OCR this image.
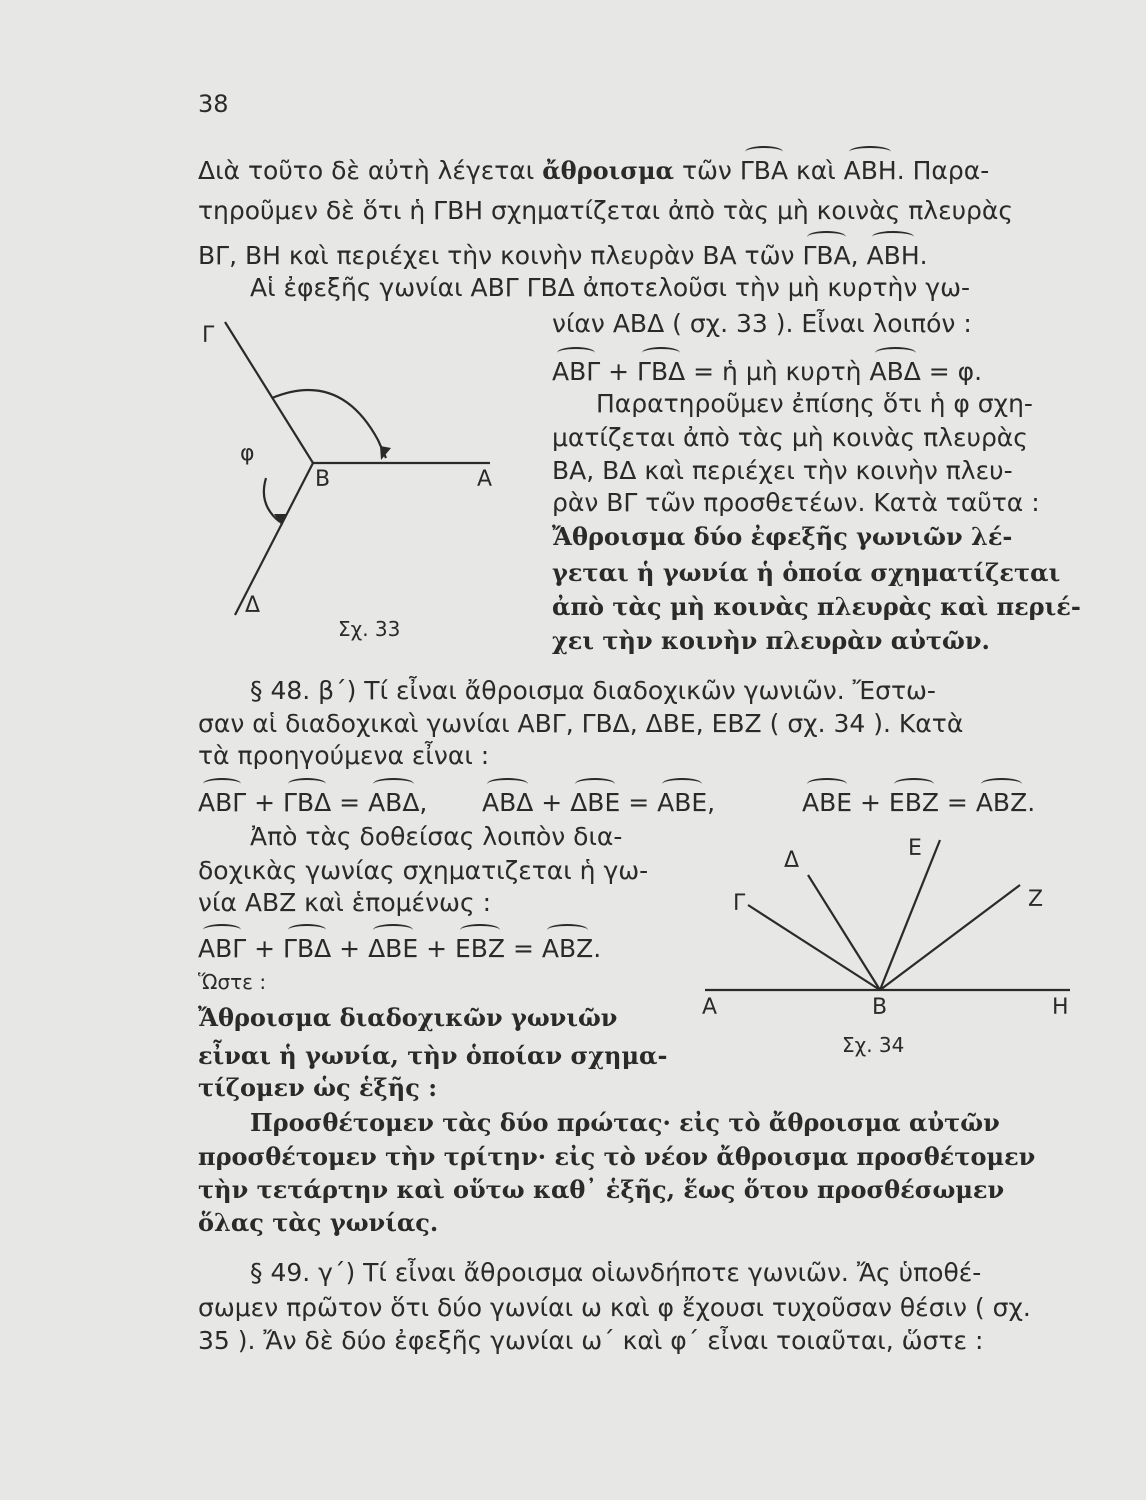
38
Διὰ τοῦτο δὲ αὐτὴ λέγεται ἄθροισμα τῶν ΓΒΑ καὶ ΑΒΗ. Παρα-
τηροῦμεν δὲ ὅτι ἡ ΓΒΗ σχηματίζεται ἀπὸ τὰς μὴ κοινὰς πλευρὰς
ΒΓ, ΒΗ καὶ περιέχει τὴν κοινὴν πλευρὰν ΒΑ τῶν ΓΒΑ, ΑΒΗ.
Αἱ ἐφεξῆς γωνίαι ΑΒΓ ΓΒΔ ἀποτελοῦσι τὴν μὴ κυρτὴν γω-
νίαν ΑΒΔ ( σχ. 33 ). Εἶναι λοιπόν :
ΑΒΓ + ΓΒΔ = ἡ μὴ κυρτὴ ΑΒΔ = φ.
Παρατηροῦμεν ἐπίσης ὅτι ἡ φ σχη-
ματίζεται ἀπὸ τὰς μὴ κοινὰς πλευρὰς
ΒΑ, ΒΔ καὶ περιέχει τὴν κοινὴν πλευ-
ρὰν ΒΓ τῶν προσθετέων. Κατὰ ταῦτα :
Ἄθροισμα δύο ἐφεξῆς γωνιῶν λέ-
γεται ἡ γωνία ἡ ὁποία σχηματίζεται
ἀπὸ τὰς μὴ κοινὰς πλευρὰς καὶ περιέ-
χει τὴν κοινὴν πλευρὰν αὐτῶν.
Γ
φ
Β	Α
Δ
Σχ. 33
§ 48. β΄) Τί εἶναι ἄθροισμα διαδοχικῶν γωνιῶν. Ἔστω-
σαν αἱ διαδοχικαὶ γωνίαι ΑΒΓ, ΓΒΔ, ΔΒΕ, ΕΒΖ ( σχ. 34 ). Κατὰ
τὰ προηγούμενα εἶναι :
ΑΒΓ + ΓΒΔ = ΑΒΔ, ΑΒΔ + ΔΒΕ = ΑΒΕ,	ΑΒΕ + ΕΒΖ = ΑΒΖ.
Ἀπὸ τὰς δοθείσας λοιπὸν δια-
δοχικὰς γωνίας σχηματιζεται ἡ γω-
νία ΑΒΖ καὶ ἑπομένως :
ΑΒΓ + ΓΒΔ + ΔΒΕ + ΕΒΖ = ΑΒΖ.
Ὥστε :
Ἄθροισμα διαδοχικῶν γωνιῶν
εἶναι ἡ γωνία, τὴν ὁποίαν σχημα-
τίζομεν ὡς ἑξῆς :
Προσθέτομεν τὰς δύο πρώτας· εἰς τὸ ἄθροισμα αὐτῶν
προσθέτομεν τὴν τρίτην· εἰς τὸ νέον ἄθροισμα προσθέτομεν
τὴν τετάρτην καὶ οὕτω καθ᾽ ἑξῆς, ἕως ὅτου προσθέσωμεν
ὅλας τὰς γωνίας.
Δ	Ε
Γ	Ζ
Α	Β	Η
Σχ. 34
§ 49. γ΄) Τί εἶναι ἄθροισμα οἱωνδήποτε γωνιῶν. Ἄς ὑποθέ-
σωμεν πρῶτον ὅτι δύο γωνίαι ω καὶ φ ἔχουσι τυχοῦσαν θέσιν ( σχ.
35 ). Ἄν δὲ δύο ἐφεξῆς γωνίαι ω΄ καὶ φ΄ εἶναι τοιαῦται, ὥστε :
